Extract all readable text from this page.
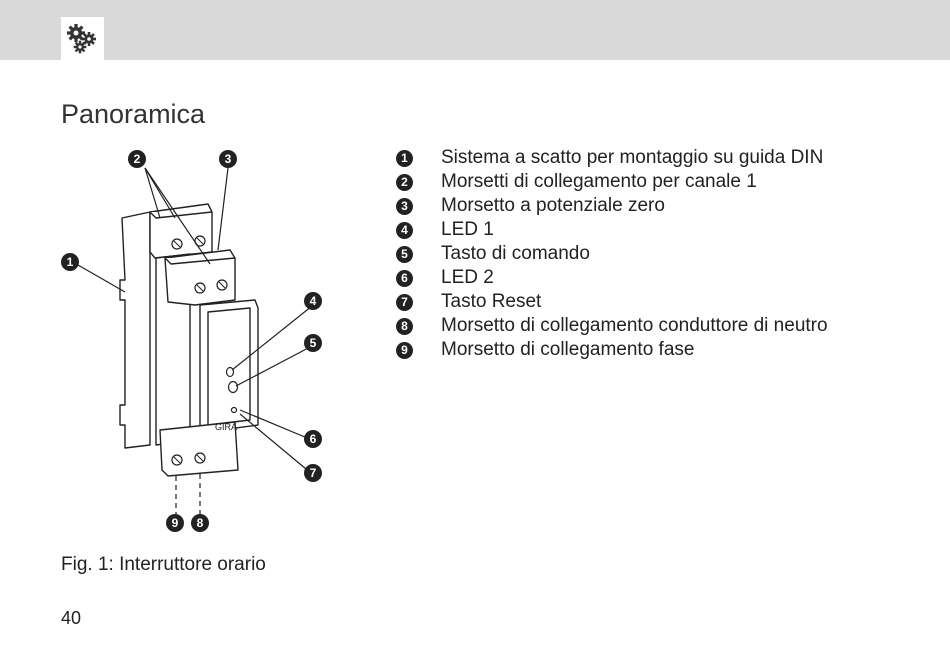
Panoramica
GIRA
1
2	3
4
5
6
7
8
9
1 Sistema a scatto per montaggio su guida DIN
2 Morsetti di collegamento per canale 1
3 Morsetto a potenziale zero
4 LED 1
5 Tasto di comando
6 LED 2
7 Tasto Reset
8 Morsetto di collegamento conduttore di neutro
9 Morsetto di collegamento fase
Fig. 1: Interruttore orario
40
